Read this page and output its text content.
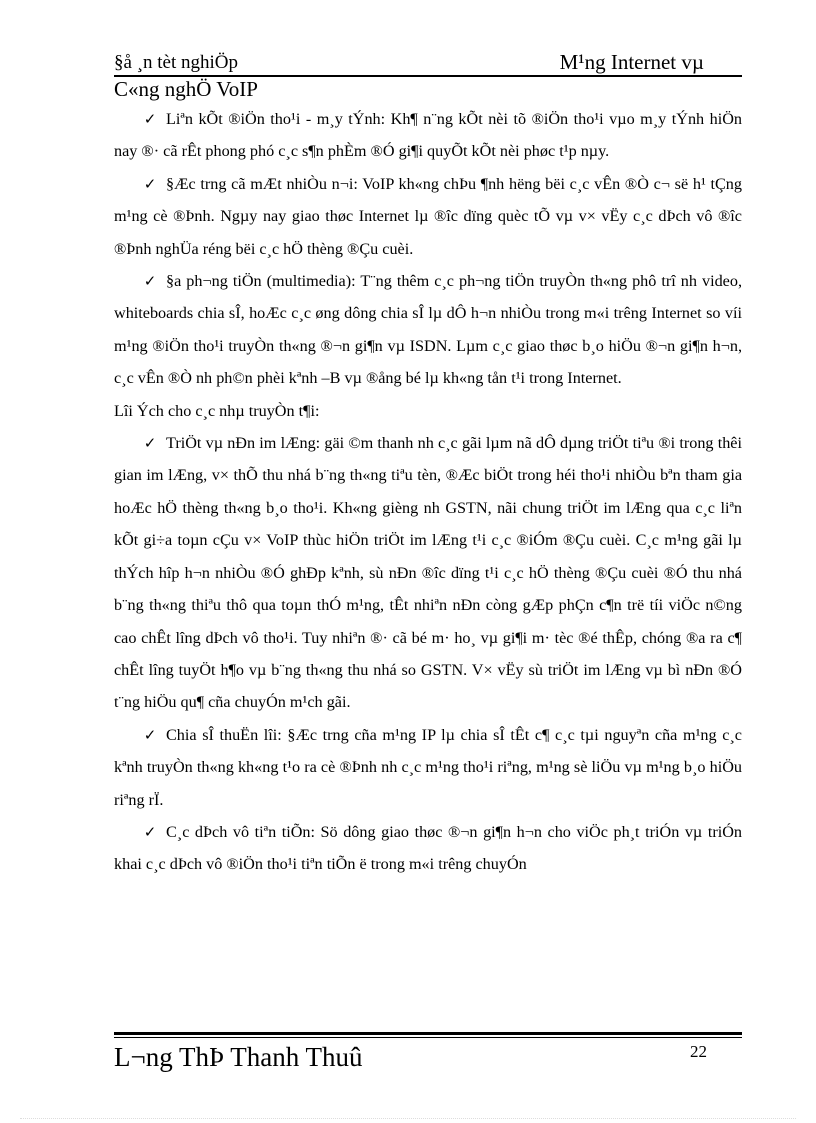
§å ¸n tèt nghiÖp	M¹ng Internet vµ
C«ng nghÖ VoIP

✓ Liªn kÕt ®iÖn tho¹i - m¸y tÝnh: Kh¶ n¨ng kÕt nèi tõ ®iÖn tho¹i vµo m¸y tÝnh hiÖn nay ®· cã rÊt phong phó c¸c s¶n phÈm ®Ó gi¶i quyÕt kÕt nèi phøc t¹p nµy.

✓ §Æc trng cã mÆt nhiÒu n¬i: VoIP kh«ng chÞu ¶nh hëng bëi c¸c vÊn ®Ò c¬ së h¹ tÇng m¹ng cè ®Þnh. Ngµy nay giao thøc Internet lµ ®îc dïng quèc tÕ vµ v× vËy c¸c dÞch vô ®îc ®Þnh nghÜa réng bëi c¸c hÖ thèng ®Çu cuèi.

✓ §a ph¬ng tiÖn (multimedia): T¨ng thêm c¸c ph¬ng tiÖn truyÒn th«ng phô trî nh video, whiteboards chia sÎ, hoÆc c¸c øng dông chia sÎ lµ dÔ h¬n nhiÒu trong m«i trêng Internet so víi m¹ng ®iÖn tho¹i truyÒn th«ng ®¬n gi¶n vµ ISDN. Lµm c¸c giao thøc b¸o hiÖu ®¬n gi¶n h¬n, c¸c vÊn ®Ò nh ph©n phèi kªnh –B vµ ®ång bé lµ kh«ng tån t¹i trong Internet.

Lîi Ých cho c¸c nhµ truyÒn t¶i:

✓ TriÖt vµ nÐn im lÆng: gäi ©m thanh nh c¸c gãi lµm nã dÔ dµng triÖt tiªu ®i trong thêi gian im lÆng, v× thÕ thu nhá b¨ng th«ng tiªu tèn, ®Æc biÖt trong héi tho¹i nhiÒu bªn tham gia hoÆc hÖ thèng th«ng b¸o tho¹i. Kh«ng gièng nh GSTN, nãi chung triÖt im lÆng qua c¸c liªn kÕt gi÷a toµn cÇu v× VoIP thùc hiÖn triÖt im lÆng t¹i c¸c ®iÓm ®Çu cuèi. C¸c m¹ng gãi lµ thÝch hîp h¬n nhiÒu ®Ó ghÐp kªnh, sù nÐn ®îc dïng t¹i c¸c hÖ thèng ®Çu cuèi ®Ó thu nhá b¨ng th«ng thiªu thô qua toµn thÓ m¹ng, tÊt nhiªn nÐn còng gÆp phÇn c¶n trë tíi viÖc n©ng cao chÊt lîng dÞch vô tho¹i. Tuy nhiªn ®· cã bé m· ho¸ vµ gi¶i m· tèc ®é thÊp, chóng ®a ra c¶ chÊt lîng tuyÖt h¶o vµ b¨ng th«ng thu nhá so GSTN. V× vËy sù triÖt im lÆng vµ bì nÐn ®Ó t¨ng hiÖu qu¶ cña chuyÓn m¹ch gãi.

✓ Chia sÎ thuËn lîi: §Æc trng cña m¹ng IP lµ chia sÎ tÊt c¶ c¸c tµi nguyªn cña m¹ng c¸c kªnh truyÒn th«ng kh«ng t¹o ra cè ®Þnh nh c¸c m¹ng tho¹i riªng, m¹ng sè liÖu vµ m¹ng b¸o hiÖu riªng rÏ.

✓ C¸c dÞch vô tiªn tiÕn: Sö dông giao thøc ®¬n gi¶n h¬n cho viÖc ph¸t triÓn vµ triÓn khai c¸c dÞch vô ®iÖn tho¹i tiªn tiÕn ë trong m«i trêng chuyÓn

L¬ng ThÞ Thanh Thuû	22
